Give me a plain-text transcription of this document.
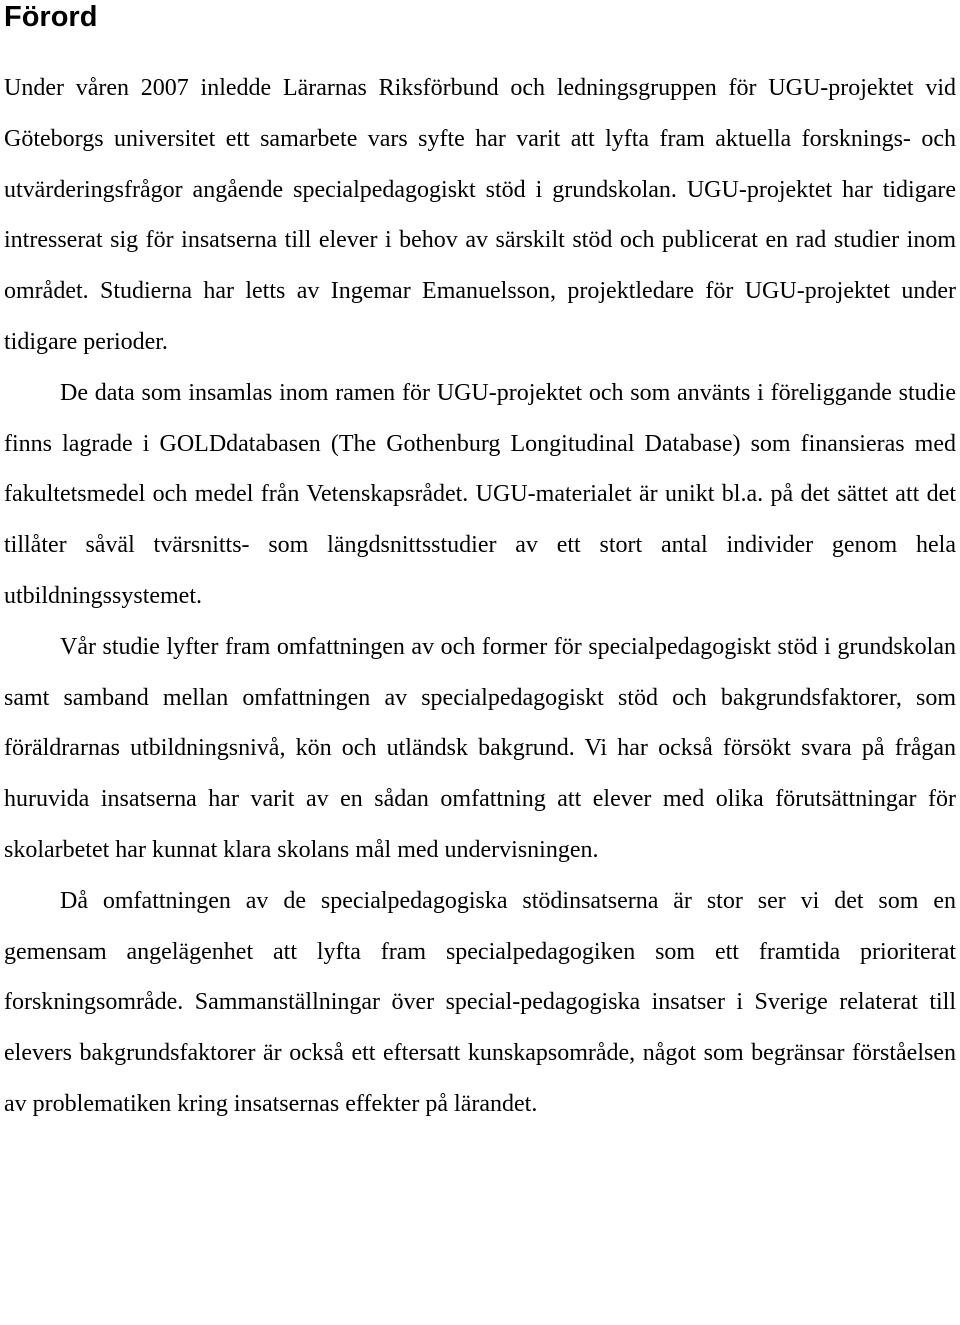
Förord

Under våren 2007 inledde Lärarnas Riksförbund och ledningsgruppen för UGU-projektet vid Göteborgs universitet ett samarbete vars syfte har varit att lyfta fram aktuella forsknings- och utvärderingsfrågor angående specialpedagogiskt stöd i grundskolan. UGU-projektet har tidigare intresserat sig för insatserna till elever i behov av särskilt stöd och publicerat en rad studier inom området. Studierna har letts av Ingemar Emanuelsson, projektledare för UGU-projektet under tidigare perioder.

De data som insamlas inom ramen för UGU-projektet och som använts i föreliggande studie finns lagrade i GOLDdatabasen (The Gothenburg Longitudinal Database) som finansieras med fakultetsmedel och medel från Vetenskapsrådet. UGU-materialet är unikt bl.a. på det sättet att det tillåter såväl tvärsnitts- som längdsnittsstudier av ett stort antal individer genom hela utbildningssystemet.

Vår studie lyfter fram omfattningen av och former för specialpedagogiskt stöd i grundskolan samt samband mellan omfattningen av specialpedagogiskt stöd och bakgrundsfaktorer, som föräldrarnas utbildningsnivå, kön och utländsk bakgrund. Vi har också försökt svara på frågan huruvida insatserna har varit av en sådan omfattning att elever med olika förutsättningar för skolarbetet har kunnat klara skolans mål med undervisningen.

Då omfattningen av de specialpedagogiska stödinsatserna är stor ser vi det som en gemensam angelägenhet att lyfta fram specialpedagogiken som ett framtida prioriterat forskningsområde. Sammanställningar över special-pedagogiska insatser i Sverige relaterat till elevers bakgrundsfaktorer är också ett eftersatt kunskapsområde, något som begränsar förståelsen av problematiken kring insatsernas effekter på lärandet.
